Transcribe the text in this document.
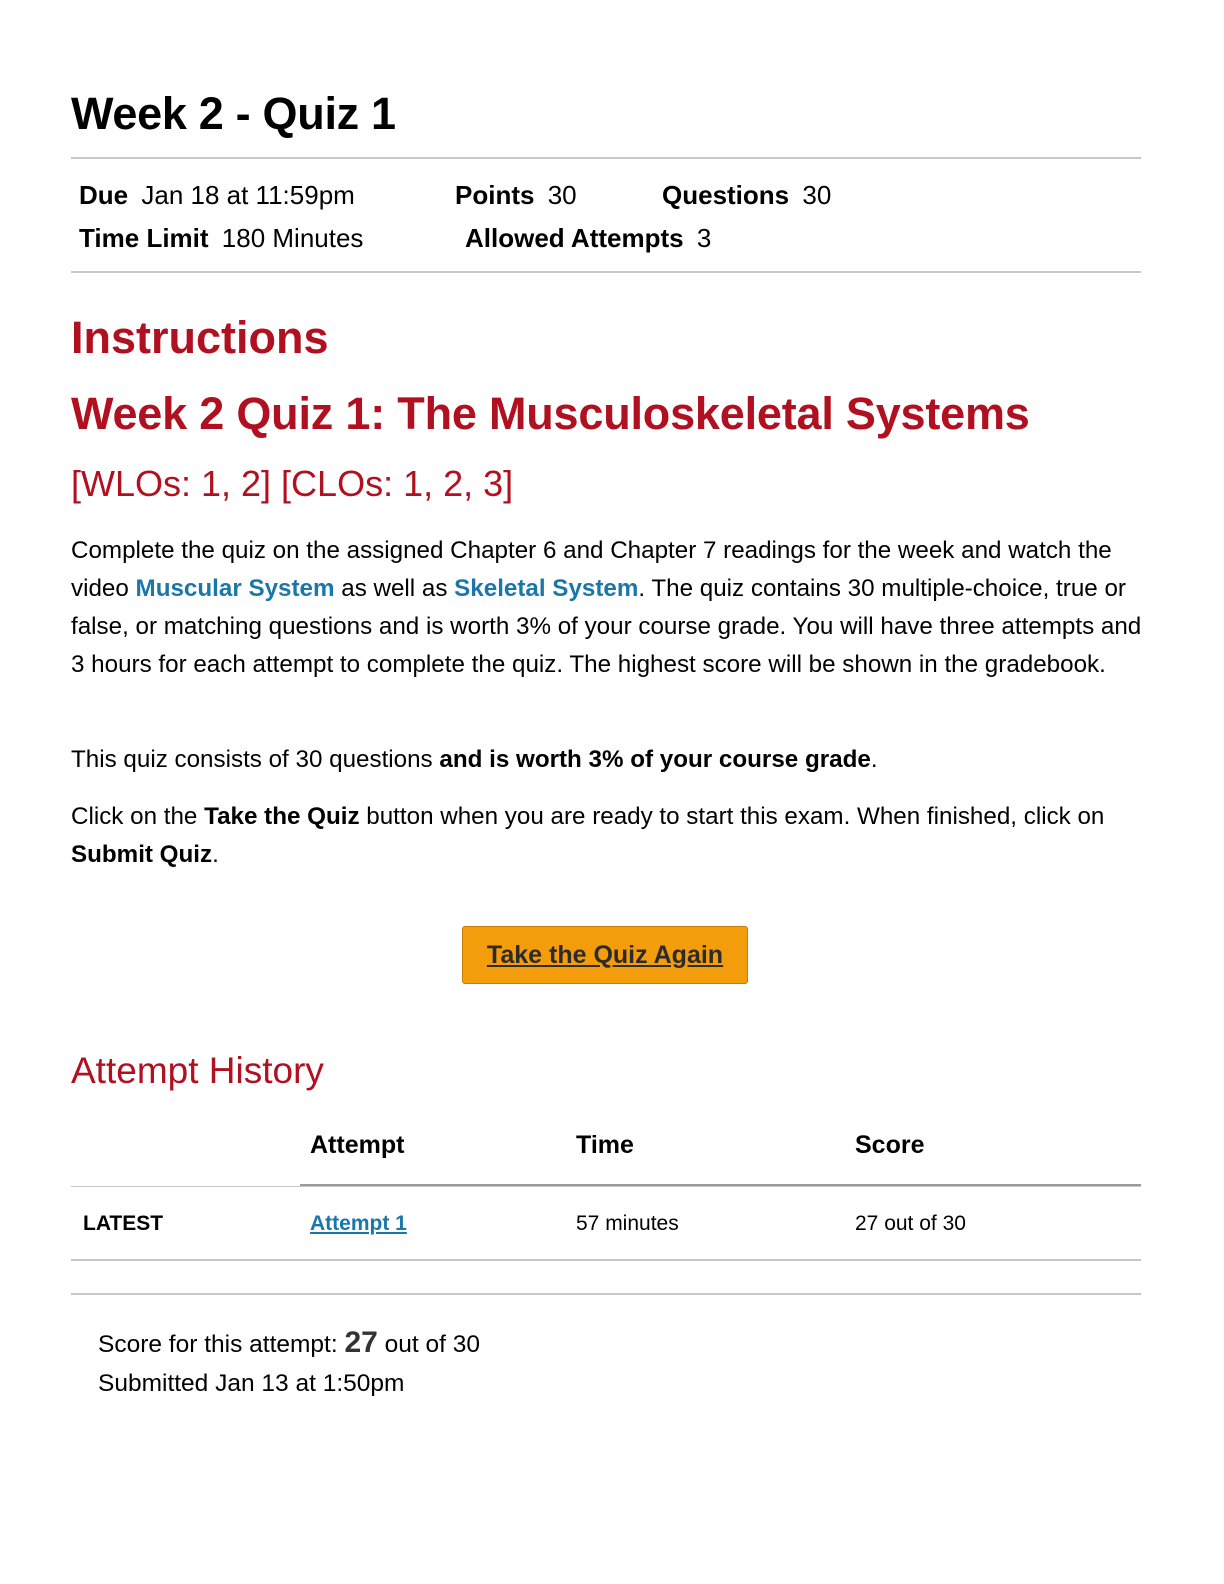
Week 2 - Quiz 1
Due Jan 18 at 11:59pm	Points 30	Questions 30
Time Limit 180 Minutes	Allowed Attempts 3
Instructions
Week 2 Quiz 1: The Musculoskeletal Systems
[WLOs: 1, 2] [CLOs: 1, 2, 3]

Complete the quiz on the assigned Chapter 6 and Chapter 7 readings for the week and watch the video Muscular System as well as Skeletal System. The quiz contains 30 multiple-choice, true or false, or matching questions and is worth 3% of your course grade. You will have three attempts and 3 hours for each attempt to complete the quiz. The highest score will be shown in the gradebook.

This quiz consists of 30 questions and is worth 3% of your course grade.

Click on the Take the Quiz button when you are ready to start this exam. When finished, click on Submit Quiz.

Take the Quiz Again
Attempt History
Attempt	Time	Score
LATEST	Attempt 1	57 minutes	27 out of 30
Score for this attempt: 27 out of 30
Submitted Jan 13 at 1:50pm
